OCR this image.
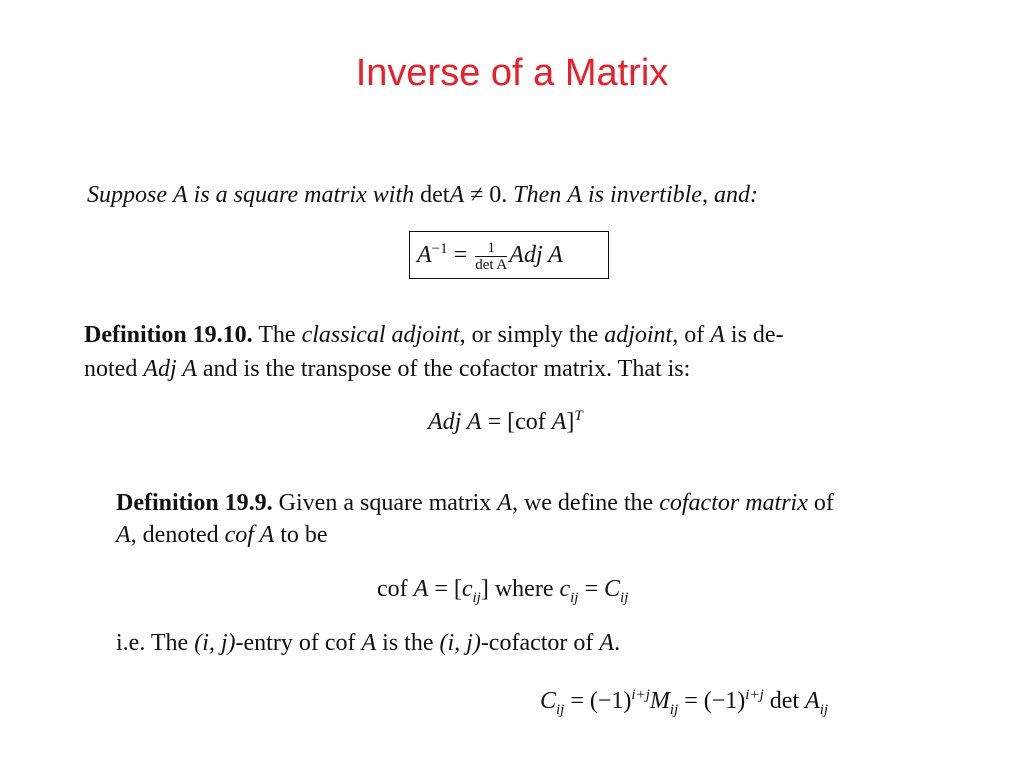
Inverse of a Matrix
Suppose A is a square matrix with detA ≠ 0. Then A is invertible, and:
$A^{-1} = \frac{1}{\text{det A}}$ Adj A
Definition 19.10. The classical adjoint, or simply the adjoint, of A is de-
noted Adj A and is the transpose of the cofactor matrix. That is:
Adj A = [cof A]$^T$
Definition 19.9. Given a square matrix A, we define the cofactor matrix of
A, denoted cof A to be
cof $A = [c_{ij}]$ where $c_{ij} = C_{ij}$
i.e. The (i, j)-entry of cof A is the (i, j)-cofactor of A.
$C_{ij} = (-1)^{i+j}M_{ij} = (-1)^{i+j}$ $\det A_{ij}$
